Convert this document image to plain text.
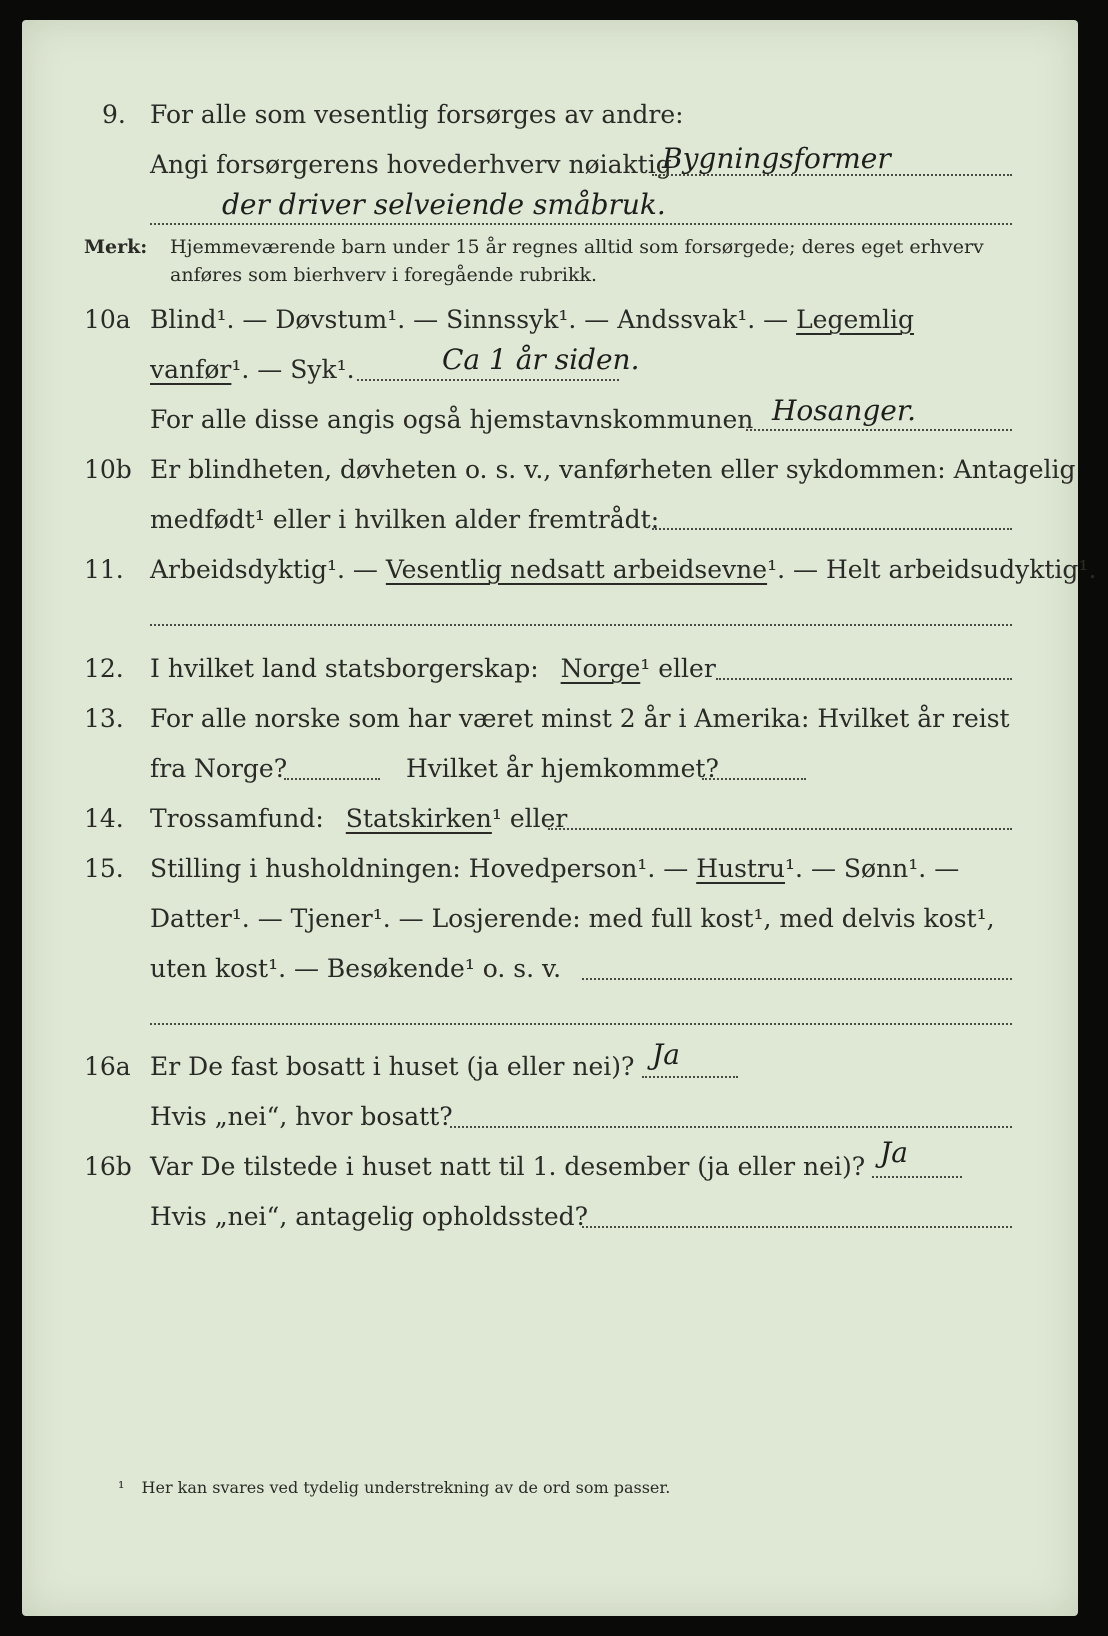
9. For alle som vesentlig forsørges av andre:
Angi forsørgerens hovederhverv nøiaktig
Bygningsformer
der driver selveiende småbruk.
Merk: Hjemmeværende barn under 15 år regnes alltid som forsørgede; deres eget erhverv
anføres som bierhverv i foregående rubrikk.
10a Blind¹. — Døvstum¹. — Sinnssyk¹. — Andssvak¹. — Legemlig
vanfør¹. — Syk¹.	Ca 1 år siden.
For alle disse angis også hjemstavnskommunen Hosanger.
10b Er blindheten, døvheten o. s. v., vanførheten eller sykdommen: Antagelig
medfødt¹ eller i hvilken alder fremtrådt:
11. Arbeidsdyktig¹. — Vesentlig nedsatt arbeidsevne¹. — Helt arbeidsudyktig¹.
12. I hvilket land statsborgerskap: Norge¹ eller
13. For alle norske som har været minst 2 år i Amerika: Hvilket år reist
fra Norge?	Hvilket år hjemkommet?
14. Trossamfund: Statskirken¹ eller
15. Stilling i husholdningen: Hovedperson¹. — Hustru¹. — Sønn¹. —
Datter¹. — Tjener¹. — Losjerende: med full kost¹, med delvis kost¹,
uten kost¹. — Besøkende¹ o. s. v.
16a Er De fast bosatt i huset (ja eller nei)? Ja
Hvis „nei“, hvor bosatt?
16b Var De tilstede i huset natt til 1. desember (ja eller nei)? Ja
Hvis „nei“, antagelig opholdssted?
¹ Her kan svares ved tydelig understrekning av de ord som passer.
